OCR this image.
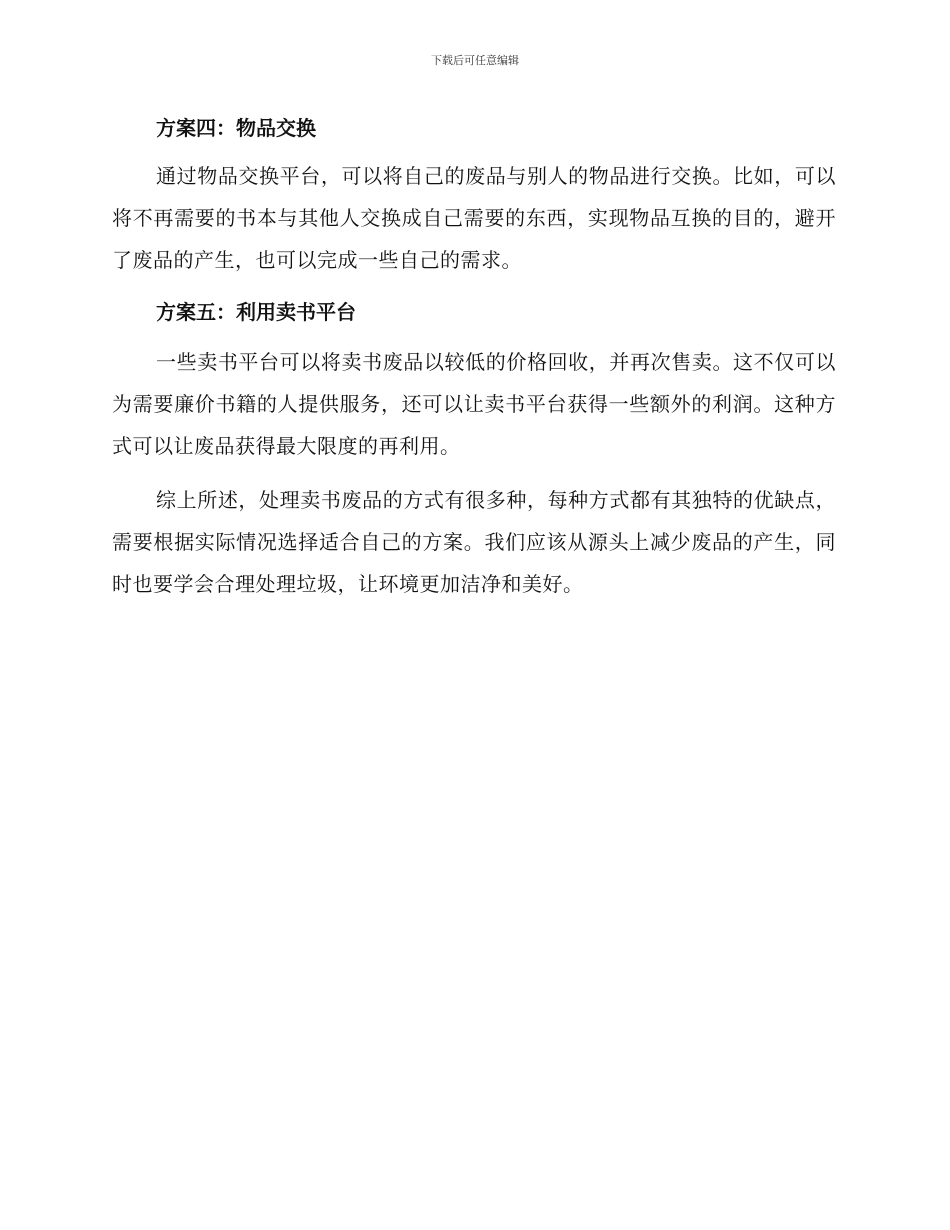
下载后可任意编辑
方案四：物品交换

通过物品交换平台，可以将自己的废品与别人的物品进行交换。比如，可以将不再需要的书本与其他人交换成自己需要的东西，实现物品互换的目的，避开了废品的产生，也可以完成一些自己的需求。

方案五：利用卖书平台

一些卖书平台可以将卖书废品以较低的价格回收，并再次售卖。这不仅可以为需要廉价书籍的人提供服务，还可以让卖书平台获得一些额外的利润。这种方式可以让废品获得最大限度的再利用。

综上所述，处理卖书废品的方式有很多种，每种方式都有其独特的优缺点，需要根据实际情况选择适合自己的方案。我们应该从源头上减少废品的产生，同时也要学会合理处理垃圾，让环境更加洁净和美好。
